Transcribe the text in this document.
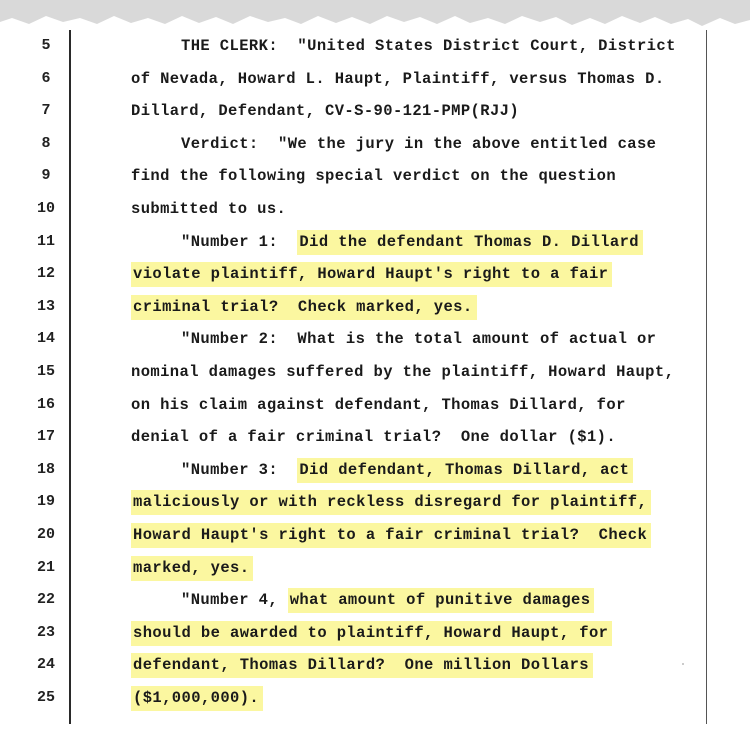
5	THE CLERK:  "United States District Court, District
6	of Nevada, Howard L. Haupt, Plaintiff, versus Thomas D.
7	Dillard, Defendant, CV-S-90-121-PMP(RJJ)
8	Verdict:  "We the jury in the above entitled case
9	find the following special verdict on the question
10	submitted to us.
11	"Number 1:  Did the defendant Thomas D. Dillard
12	violate plaintiff, Howard Haupt's right to a fair
13	criminal trial?  Check marked, yes.
14	"Number 2:  What is the total amount of actual or
15	nominal damages suffered by the plaintiff, Howard Haupt,
16	on his claim against defendant, Thomas Dillard, for
17	denial of a fair criminal trial?  One dollar ($1).
18	"Number 3:  Did defendant, Thomas Dillard, act
19	maliciously or with reckless disregard for plaintiff,
20	Howard Haupt's right to a fair criminal trial?  Check
21	marked, yes.
22	"Number 4, what amount of punitive damages
23	should be awarded to plaintiff, Howard Haupt, for
24	defendant, Thomas Dillard?  One million Dollars
25	($1,000,000).
